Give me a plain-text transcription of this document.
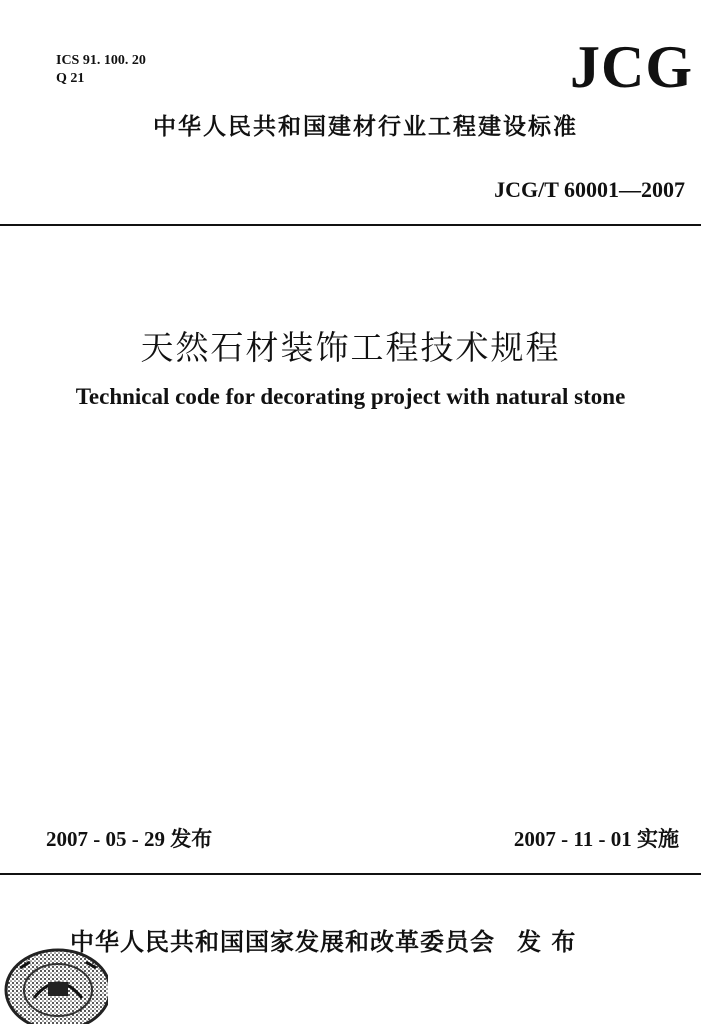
ICS 91. 100. 20
Q 21	JCG
中华人民共和国建材行业工程建设标准
JCG/T 60001—2007
天然石材装饰工程技术规程
Technical code for decorating project with natural stone
2007 - 05 - 29 发布	2007 - 11 - 01 实施
中华人民共和国国家发展和改革委员会 发 布
